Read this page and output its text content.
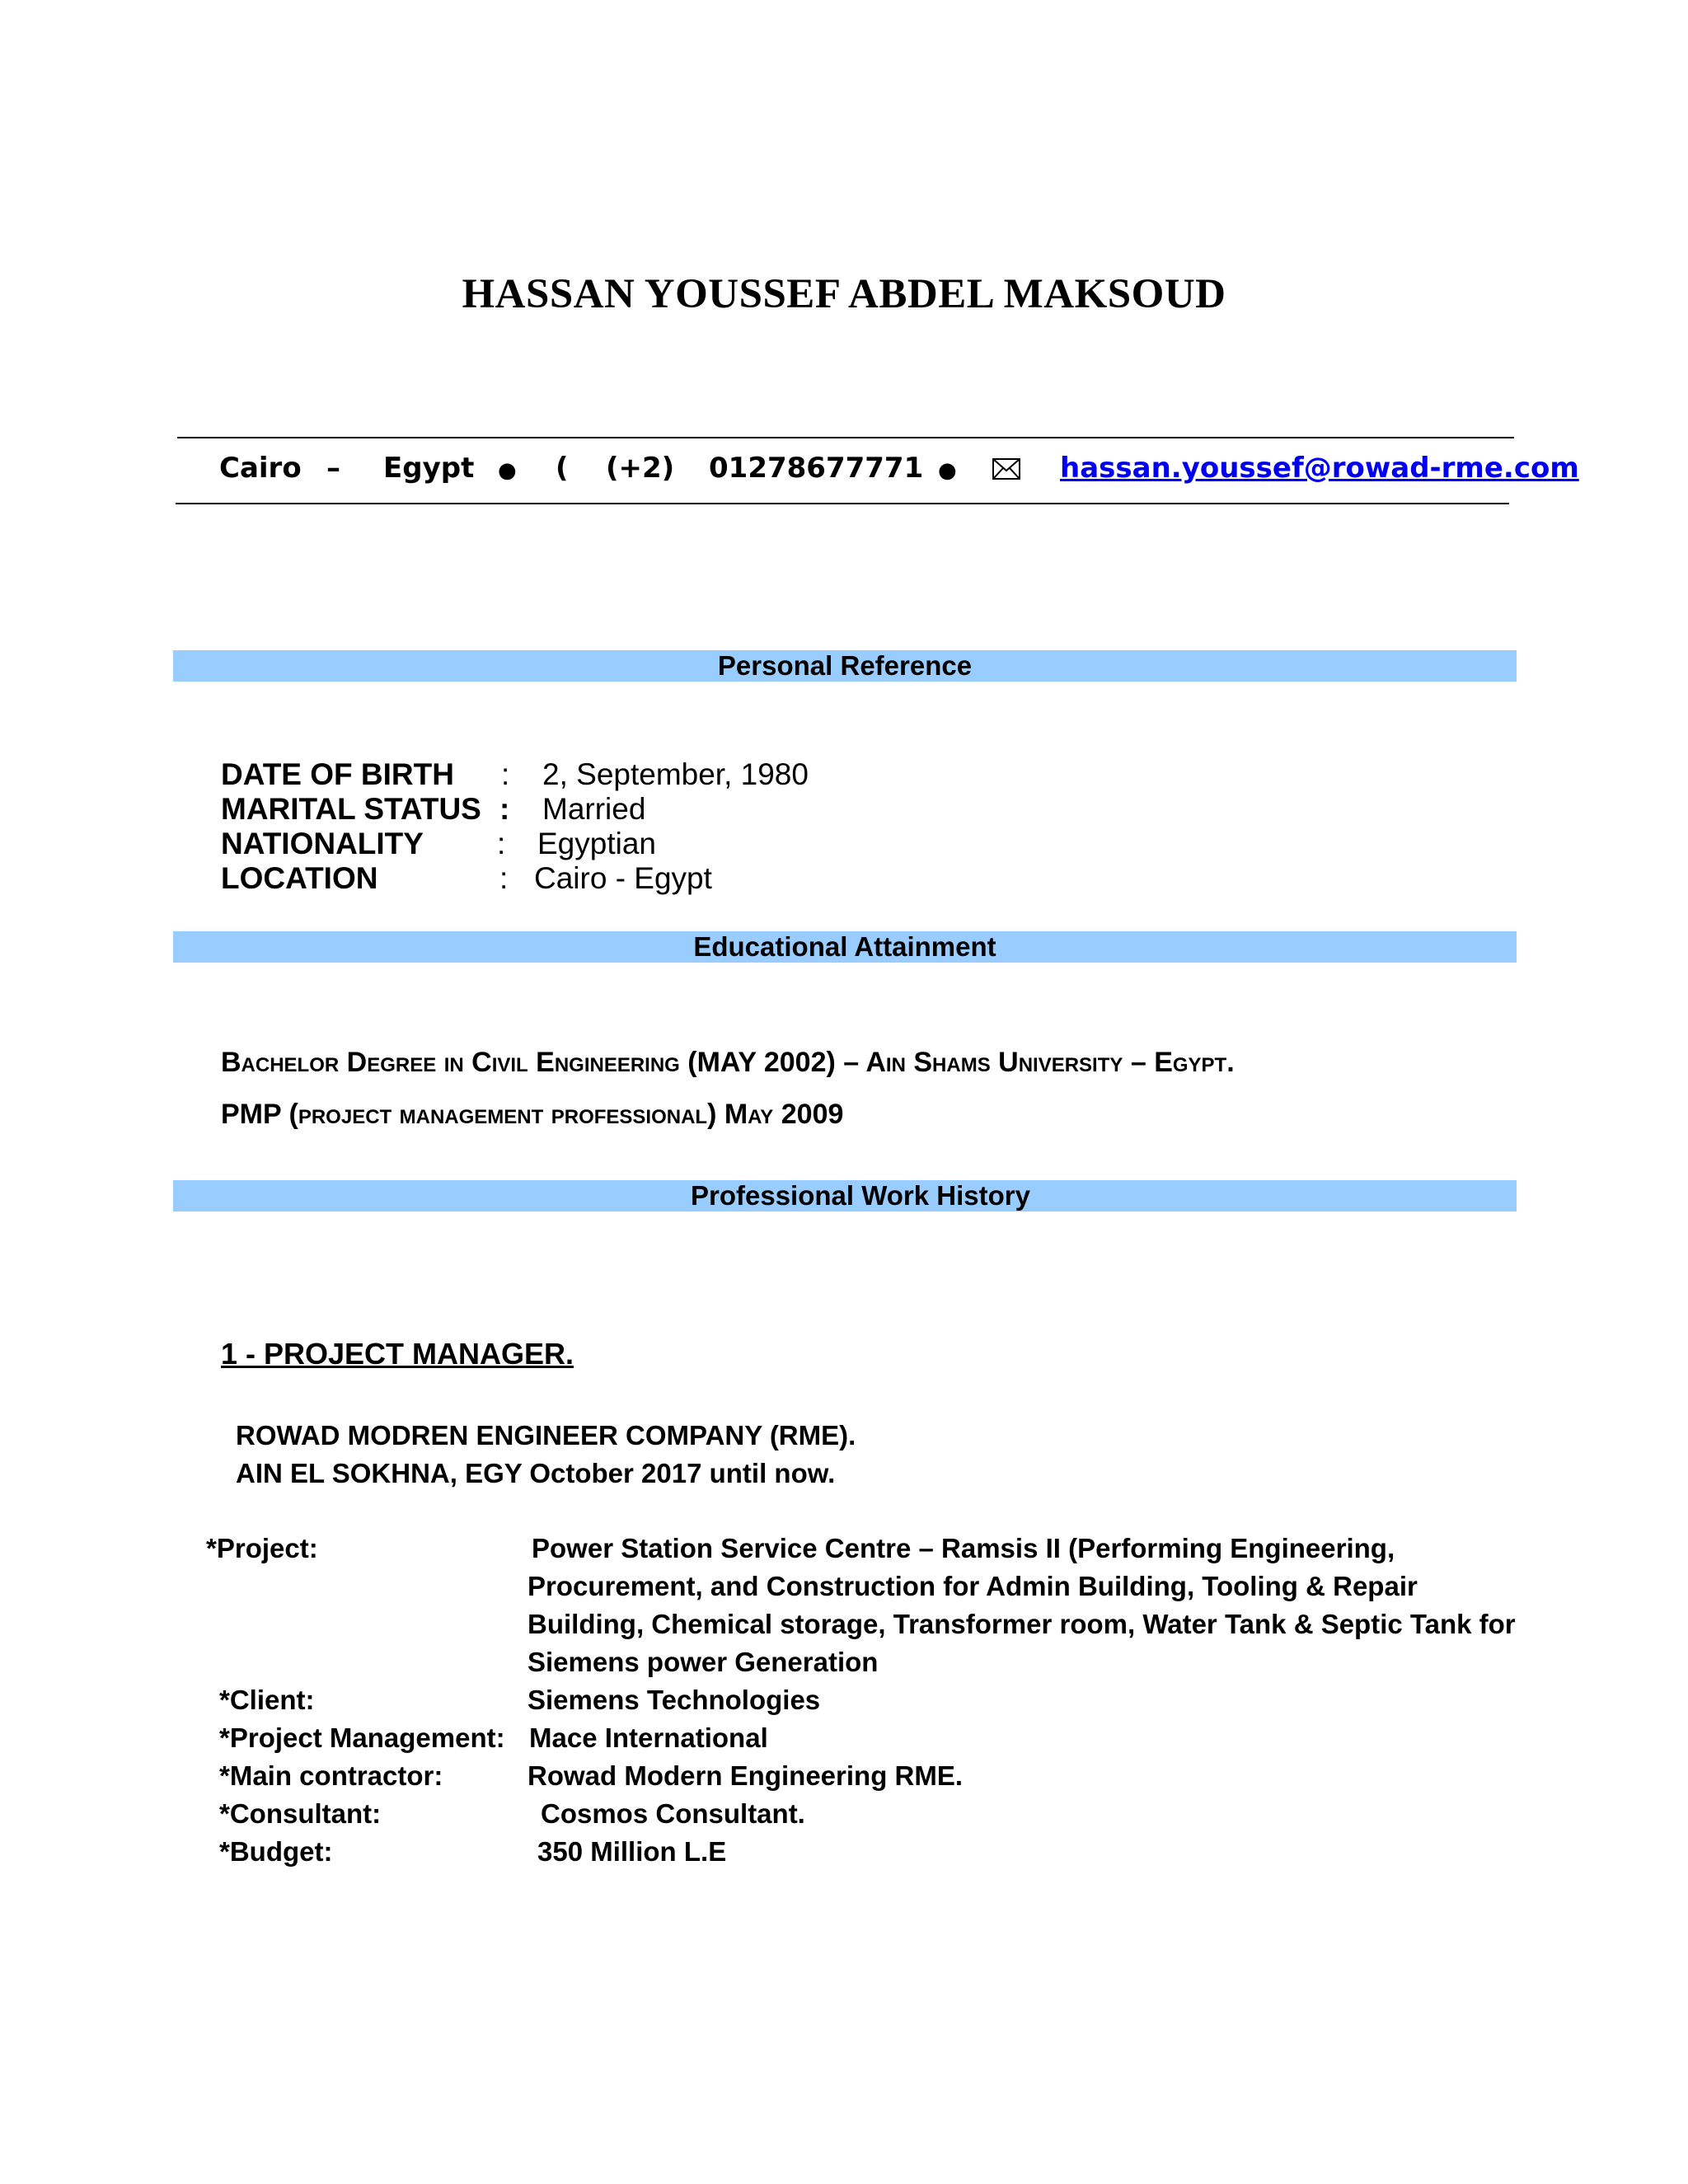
HASSAN YOUSSEF ABDEL MAKSOUD
Cairo – Egypt ● ( (+2) 01278677771 ●	hassan.youssef@rowad-rme.com
Personal Reference
DATE OF BIRTH : 2, September, 1980
MARITAL STATUS : Married
NATIONALITY : Egyptian
LOCATION	: Cairo - Egypt
Educational Attainment
Bachelor Degree in Civil Engineering (MAY 2002) – Ain Shams University – Egypt.
PMP (project management professional) May 2009
Professional Work History
1 - PROJECT MANAGER.
ROWAD MODREN ENGINEER COMPANY (RME).
AIN EL SOKHNA, EGY October 2017 until now.
*Project:	Power Station Service Centre – Ramsis II (Performing Engineering,
Procurement, and Construction for Admin Building, Tooling & Repair
Building, Chemical storage, Transformer room, Water Tank & Septic Tank for
Siemens power Generation
*Client:	Siemens Technologies
*Project Management: Mace International
*Main contractor:	Rowad Modern Engineering RME.
*Consultant:	Cosmos Consultant.
*Budget:	350 Million L.E
